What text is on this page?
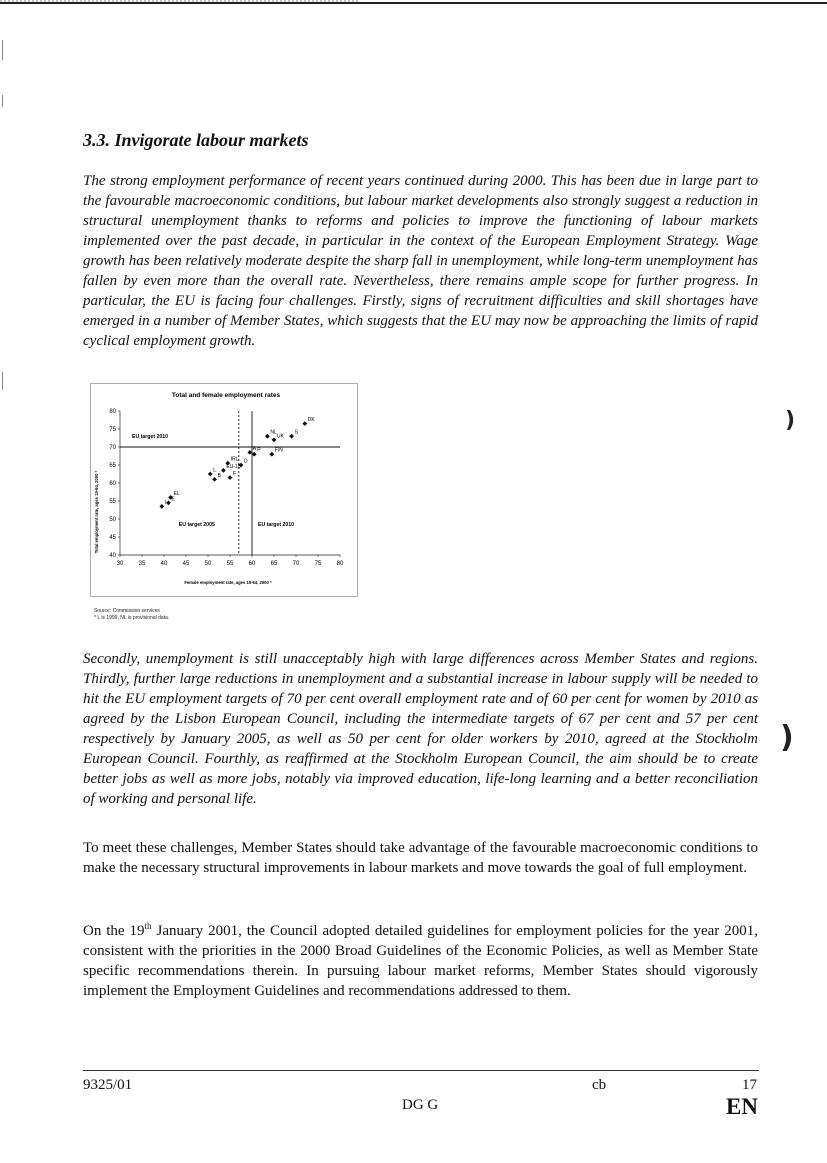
3.3. Invigorate labour markets

The strong employment performance of recent years continued during 2000. This has been due in large part to the favourable macroeconomic conditions, but labour market developments also strongly suggest a reduction in structural unemployment thanks to reforms and policies to improve the functioning of labour markets implemented over the past decade, in particular in the context of the European Employment Strategy. Wage growth has been relatively moderate despite the sharp fall in unemployment, while long-term unemployment has fallen by even more than the overall rate. Nevertheless, there remains ample scope for further progress. In particular, the EU is facing four challenges. Firstly, signs of recruitment difficulties and skill shortages have emerged in a number of Member States, which suggests that the EU may now be approaching the limits of rapid cyclical employment growth.

Total and female employment rates
Female employment rate, ages 15-64, 2000 *
Total employment rate, ages 15-64, 2000 *
40
45
50
55
60
65
70
75
80
30	35	40	45	50	55	60	65	70	75	80
EU target 2010
EU target 2005	EU target 2010
DK
S
NL
UK
FIN
P
A
IRL D
EU-15
L
B F
EL
E
I

Source: Commission services
* L is 1999, NL is provisional data.

Secondly, unemployment is still unacceptably high with large differences across Member States and regions. Thirdly, further large reductions in unemployment and a substantial increase in labour supply will be needed to hit the EU employment targets of 70 per cent overall employment rate and of 60 per cent for women by 2010 as agreed by the Lisbon European Council, including the intermediate targets of 67 per cent and 57 per cent respectively by January 2005, as well as 50 per cent for older workers by 2010, agreed at the Stockholm European Council. Fourthly, as reaffirmed at the Stockholm European Council, the aim should be to create better jobs as well as more jobs, notably via improved education, life-long learning and a better reconciliation of working and personal life.

To meet these challenges, Member States should take advantage of the favourable macroeconomic conditions to make the necessary structural improvements in labour markets and move towards the goal of full employment.

On the 19th January 2001, the Council adopted detailed guidelines for employment policies for the year 2001, consistent with the priorities in the 2000 Broad Guidelines of the Economic Policies, as well as Member State specific recommendations therein. In pursuing labour market reforms, Member States should vigorously implement the Employment Guidelines and recommendations addressed to them.

)
)
9325/01	cb	17
DG G	EN
